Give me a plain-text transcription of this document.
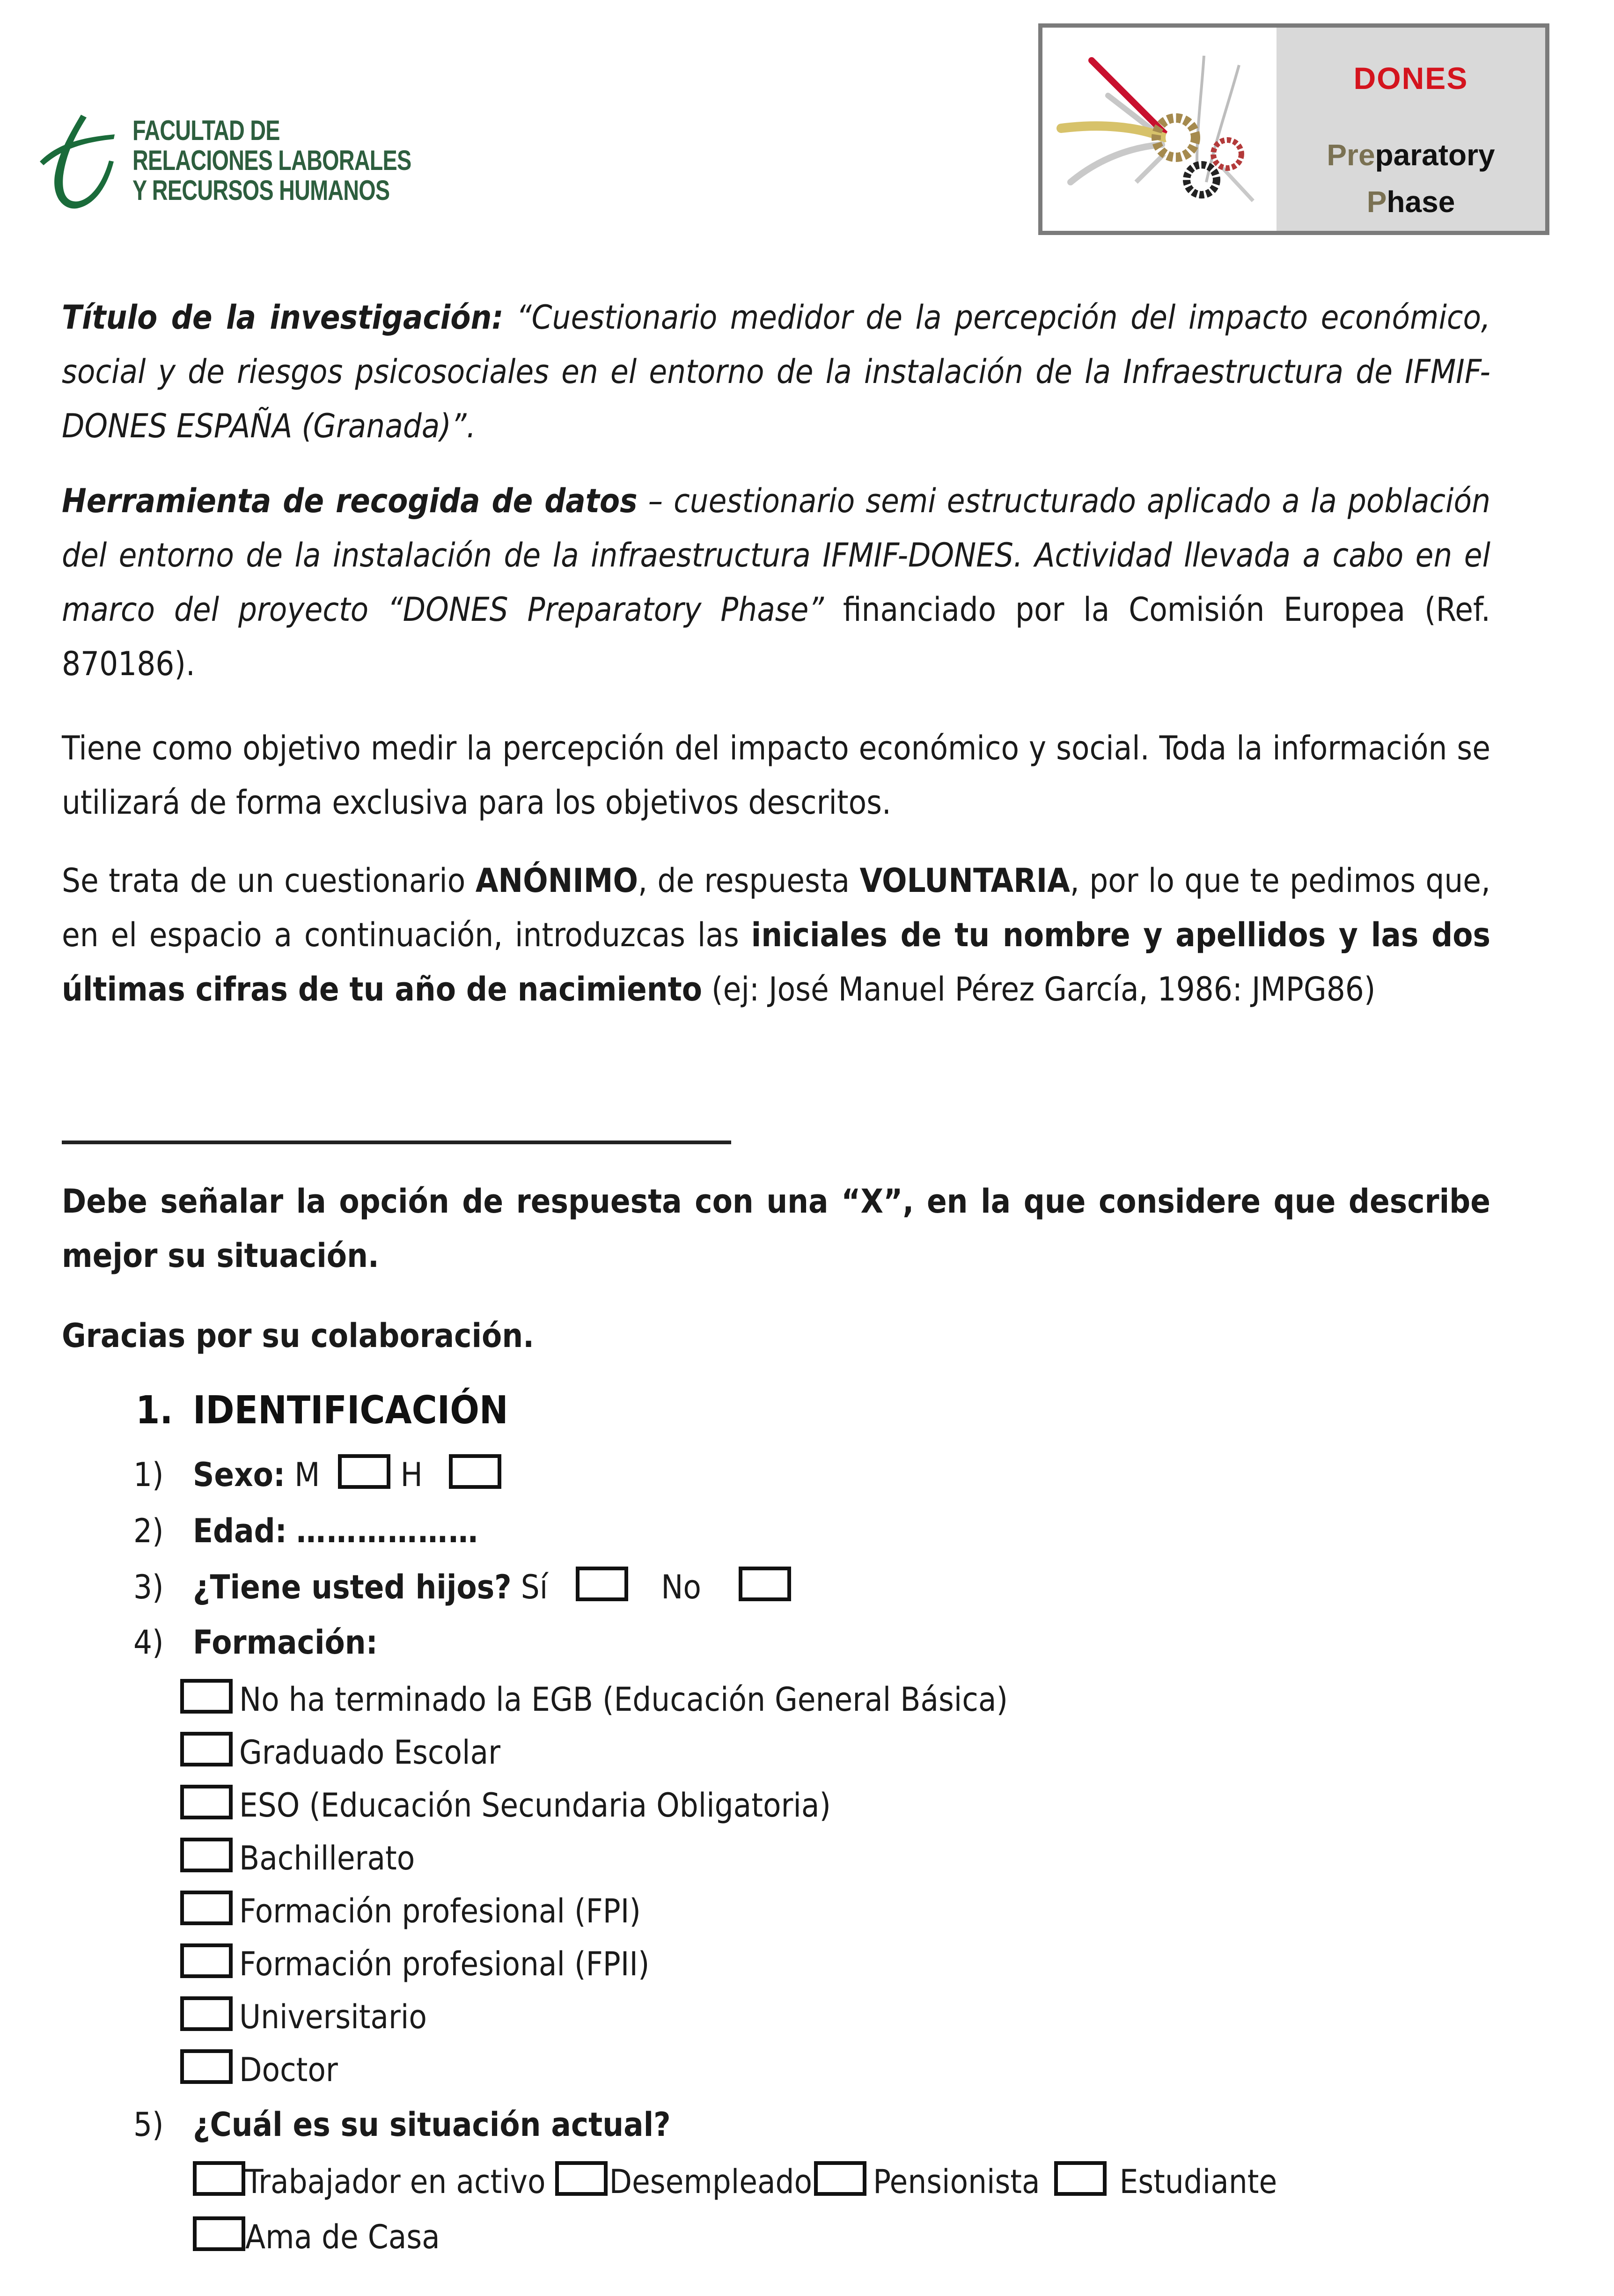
FACULTAD DE
RELACIONES LABORALES
Y RECURSOS HUMANOS
DONES
Preparatory
Phase

Título de la investigación: “Cuestionario medidor de la percepción del impacto económico, social y de riesgos psicosociales en el entorno de la instalación de la Infraestructura de IFMIF-DONES ESPAÑA (Granada)”.

Herramienta de recogida de datos – cuestionario semi estructurado aplicado a la población del entorno de la instalación de la infraestructura IFMIF-DONES. Actividad llevada a cabo en el marco del proyecto “DONES Preparatory Phase” financiado por la Comisión Europea (Ref. 870186).

Tiene como objetivo medir la percepción del impacto económico y social. Toda la información se utilizará de forma exclusiva para los objetivos descritos.

Se trata de un cuestionario ANÓNIMO, de respuesta VOLUNTARIA, por lo que te pedimos que, en el espacio a continuación, introduzcas las iniciales de tu nombre y apellidos y las dos últimas cifras de tu año de nacimiento (ej: José Manuel Pérez García, 1986: JMPG86)

Debe señalar la opción de respuesta con una “X”, en la que considere que describe mejor su situación.

Gracias por su colaboración.

1. IDENTIFICACIÓN
1) Sexo: M H
2) Edad: ………………
3) ¿Tiene usted hijos? Sí	No
4) Formación:
No ha terminado la EGB (Educación General Básica)
Graduado Escolar
ESO (Educación Secundaria Obligatoria)
Bachillerato
Formación profesional (FPI)
Formación profesional (FPII)
Universitario
Doctor
5) ¿Cuál es su situación actual?
Trabajador en activo Desempleado Pensionista Estudiante
Ama de Casa
